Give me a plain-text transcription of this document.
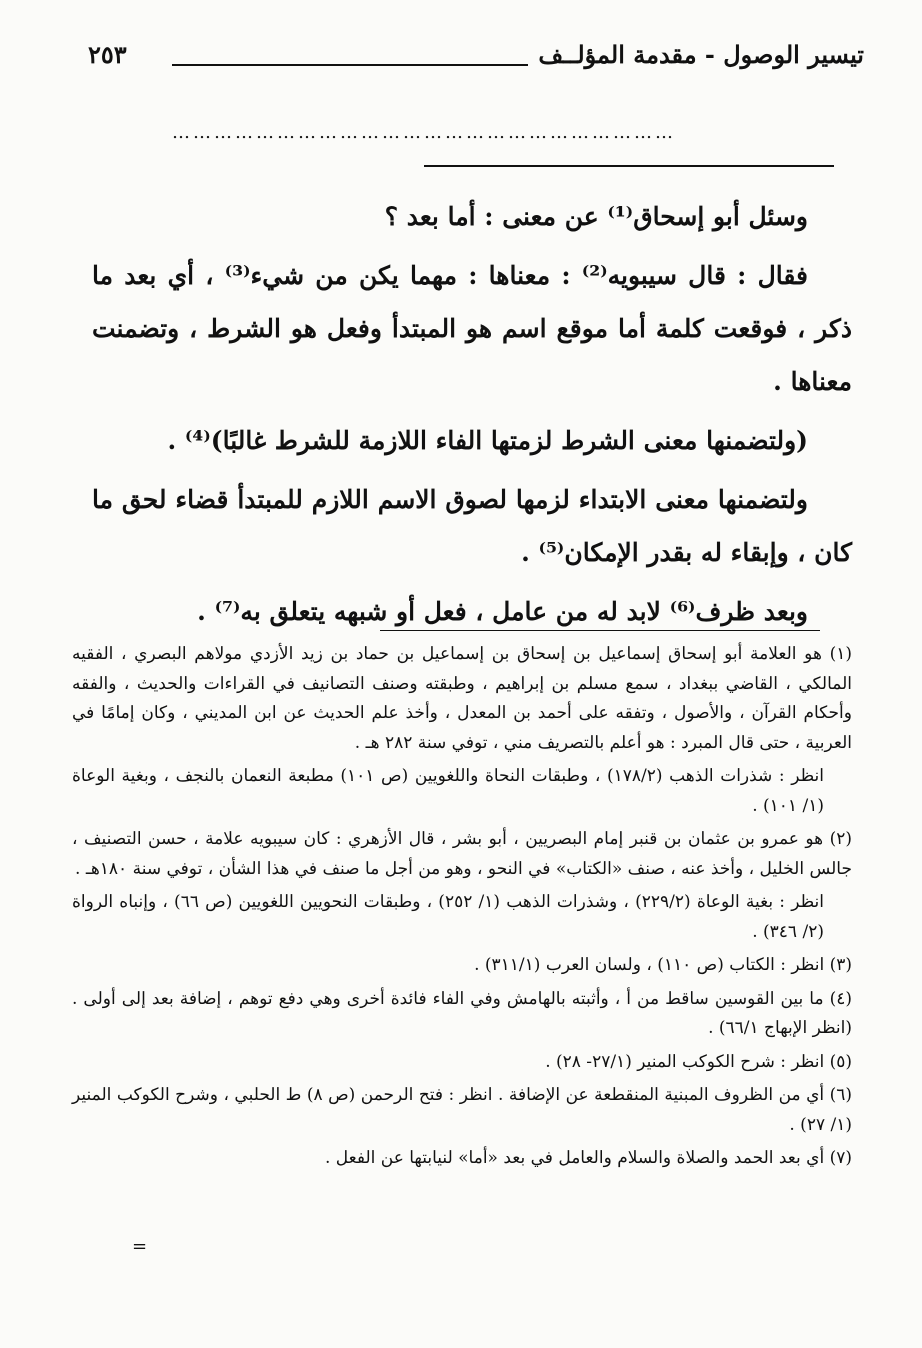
تيسير الوصول - مقدمة المؤلــف
٢٥٣
………………………………………………………………

وسئل أبو إسحاق⁽¹⁾ عن معنى : أما بعد ؟

فقال : قال سيبويه⁽²⁾ : معناها : مهما يكن من شيء⁽³⁾ ، أي بعد ما ذكر ، فوقعت كلمة أما موقع اسم هو المبتدأ وفعل هو الشرط ، وتضمنت معناها .

(ولتضمنها معنى الشرط لزمتها الفاء اللازمة للشرط غالبًا)⁽⁴⁾ .

ولتضمنها معنى الابتداء لزمها لصوق الاسم اللازم للمبتدأ قضاء لحق ما كان ، وإبقاء له بقدر الإمكان⁽⁵⁾ .

وبعد ظرف⁽⁶⁾ لابد له من عامل ، فعل أو شبهه يتعلق به⁽⁷⁾ .

(١) هو العلامة أبو إسحاق إسماعيل بن إسحاق بن إسماعيل بن حماد بن زيد الأزدي مولاهم البصري ، الفقيه المالكي ، القاضي ببغداد ، سمع مسلم بن إبراهيم ، وطبقته وصنف التصانيف في القراءات والحديث ، والفقه وأحكام القرآن ، والأصول ، وتفقه على أحمد بن المعدل ، وأخذ علم الحديث عن ابن المديني ، وكان إمامًا في العربية ، حتى قال المبرد : هو أعلم بالتصريف مني ، توفي سنة ٢٨٢ هـ .

انظر : شذرات الذهب (١٧٨/٢) ، وطبقات النحاة واللغويين (ص ١٠١) مطبعة النعمان بالنجف ، وبغية الوعاة (١/ ١٠١) .

(٢) هو عمرو بن عثمان بن قنبر إمام البصريين ، أبو بشر ، قال الأزهري : كان سيبويه علامة ، حسن التصنيف ، جالس الخليل ، وأخذ عنه ، صنف «الكتاب» في النحو ، وهو من أجل ما صنف في هذا الشأن ، توفي سنة ١٨٠هـ .

انظر : بغية الوعاة (٢٢٩/٢) ، وشذرات الذهب (١/ ٢٥٢) ، وطبقات النحويين اللغويين (ص ٦٦) ، وإنباه الرواة (٢/ ٣٤٦) .

(٣) انظر : الكتاب (ص ١١٠) ، ولسان العرب (٣١١/١) .

(٤) ما بين القوسين ساقط من أ ، وأثبته بالهامش وفي الفاء فائدة أخرى وهي دفع توهم ، إضافة بعد إلى أولى . (انظر الإبهاج ٦٦/١) .

(٥) انظر : شرح الكوكب المنير (٢٧/١- ٢٨) .

(٦) أي من الظروف المبنية المنقطعة عن الإضافة . انظر : فتح الرحمن (ص ٨) ط الحلبي ، وشرح الكوكب المنير (١/ ٢٧) .

(٧) أي بعد الحمد والصلاة والسلام والعامل في بعد «أما» لنيابتها عن الفعل .

=
